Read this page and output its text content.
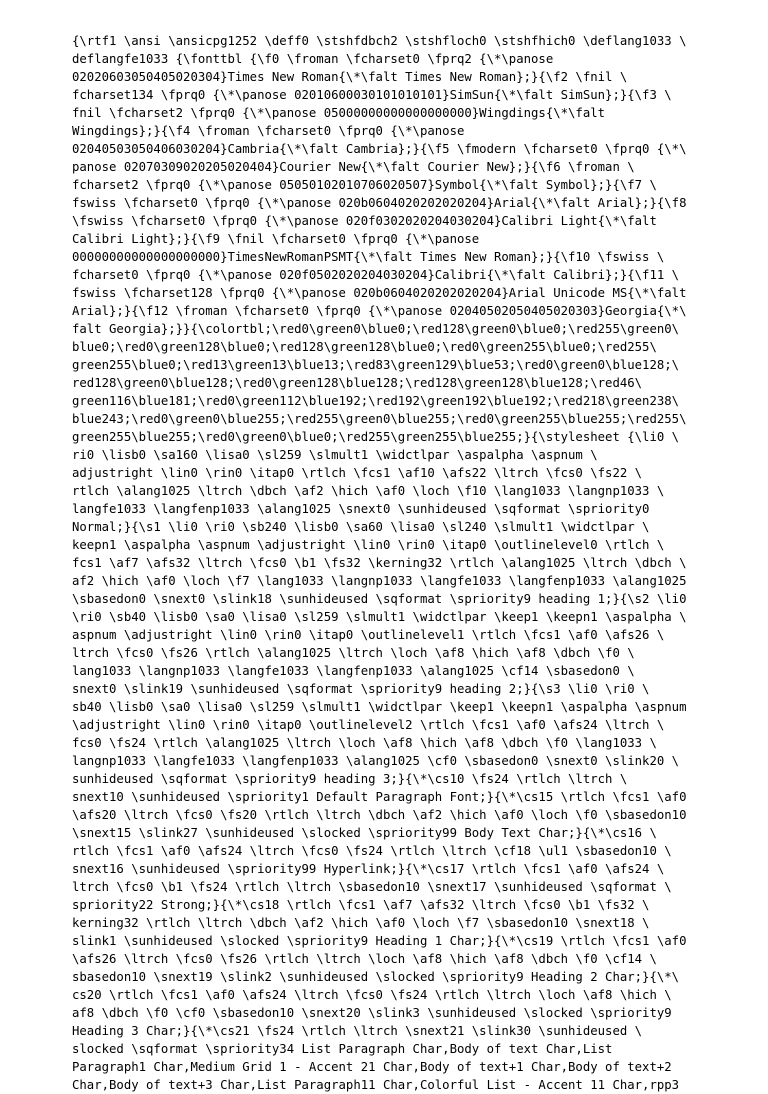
{\rtf1 \ansi \ansicpg1252 \deff0 \stshfdbch2 \stshfloch0 \stshfhich0 \deflang1033 \
deflangfe1033 {\fonttbl {\f0 \froman \fcharset0 \fprq2 {\*\panose
02020603050405020304}Times New Roman{\*\falt Times New Roman};}{\f2 \fnil \
fcharset134 \fprq0 {\*\panose 02010600030101010101}SimSun{\*\falt SimSun};}{\f3 \
fnil \fcharset2 \fprq0 {\*\panose 05000000000000000000}Wingdings{\*\falt
Wingdings};}{\f4 \froman \fcharset0 \fprq0 {\*\panose
02040503050406030204}Cambria{\*\falt Cambria};}{\f5 \fmodern \fcharset0 \fprq0 {\*\
panose 02070309020205020404}Courier New{\*\falt Courier New};}{\f6 \froman \
fcharset2 \fprq0 {\*\panose 05050102010706020507}Symbol{\*\falt Symbol};}{\f7 \
fswiss \fcharset0 \fprq0 {\*\panose 020b0604020202020204}Arial{\*\falt Arial};}{\f8
\fswiss \fcharset0 \fprq0 {\*\panose 020f0302020204030204}Calibri Light{\*\falt
Calibri Light};}{\f9 \fnil \fcharset0 \fprq0 {\*\panose
00000000000000000000}TimesNewRomanPSMT{\*\falt Times New Roman};}{\f10 \fswiss \
fcharset0 \fprq0 {\*\panose 020f0502020204030204}Calibri{\*\falt Calibri};}{\f11 \
fswiss \fcharset128 \fprq0 {\*\panose 020b0604020202020204}Arial Unicode MS{\*\falt
Arial};}{\f12 \froman \fcharset0 \fprq0 {\*\panose 02040502050405020303}Georgia{\*\
falt Georgia};}}{\colortbl;\red0\green0\blue0;\red128\green0\blue0;\red255\green0\
blue0;\red0\green128\blue0;\red128\green128\blue0;\red0\green255\blue0;\red255\
green255\blue0;\red13\green13\blue13;\red83\green129\blue53;\red0\green0\blue128;\
red128\green0\blue128;\red0\green128\blue128;\red128\green128\blue128;\red46\
green116\blue181;\red0\green112\blue192;\red192\green192\blue192;\red218\green238\
blue243;\red0\green0\blue255;\red255\green0\blue255;\red0\green255\blue255;\red255\
green255\blue255;\red0\green0\blue0;\red255\green255\blue255;}{\stylesheet {\li0 \
ri0 \lisb0 \sa160 \lisa0 \sl259 \slmult1 \widctlpar \aspalpha \aspnum \
adjustright \lin0 \rin0 \itap0 \rtlch \fcs1 \af10 \afs22 \ltrch \fcs0 \fs22 \
rtlch \alang1025 \ltrch \dbch \af2 \hich \af0 \loch \f10 \lang1033 \langnp1033 \
langfe1033 \langfenp1033 \alang1025 \snext0 \sunhideused \sqformat \spriority0
Normal;}{\s1 \li0 \ri0 \sb240 \lisb0 \sa60 \lisa0 \sl240 \slmult1 \widctlpar \
keepn1 \aspalpha \aspnum \adjustright \lin0 \rin0 \itap0 \outlinelevel0 \rtlch \
fcs1 \af7 \afs32 \ltrch \fcs0 \b1 \fs32 \kerning32 \rtlch \alang1025 \ltrch \dbch \
af2 \hich \af0 \loch \f7 \lang1033 \langnp1033 \langfe1033 \langfenp1033 \alang1025
\sbasedon0 \snext0 \slink18 \sunhideused \sqformat \spriority9 heading 1;}{\s2 \li0
\ri0 \sb40 \lisb0 \sa0 \lisa0 \sl259 \slmult1 \widctlpar \keep1 \keepn1 \aspalpha \
aspnum \adjustright \lin0 \rin0 \itap0 \outlinelevel1 \rtlch \fcs1 \af0 \afs26 \
ltrch \fcs0 \fs26 \rtlch \alang1025 \ltrch \loch \af8 \hich \af8 \dbch \f0 \
lang1033 \langnp1033 \langfe1033 \langfenp1033 \alang1025 \cf14 \sbasedon0 \
snext0 \slink19 \sunhideused \sqformat \spriority9 heading 2;}{\s3 \li0 \ri0 \
sb40 \lisb0 \sa0 \lisa0 \sl259 \slmult1 \widctlpar \keep1 \keepn1 \aspalpha \aspnum
\adjustright \lin0 \rin0 \itap0 \outlinelevel2 \rtlch \fcs1 \af0 \afs24 \ltrch \
fcs0 \fs24 \rtlch \alang1025 \ltrch \loch \af8 \hich \af8 \dbch \f0 \lang1033 \
langnp1033 \langfe1033 \langfenp1033 \alang1025 \cf0 \sbasedon0 \snext0 \slink20 \
sunhideused \sqformat \spriority9 heading 3;}{\*\cs10 \fs24 \rtlch \ltrch \
snext10 \sunhideused \spriority1 Default Paragraph Font;}{\*\cs15 \rtlch \fcs1 \af0
\afs20 \ltrch \fcs0 \fs20 \rtlch \ltrch \dbch \af2 \hich \af0 \loch \f0 \sbasedon10
\snext15 \slink27 \sunhideused \slocked \spriority99 Body Text Char;}{\*\cs16 \
rtlch \fcs1 \af0 \afs24 \ltrch \fcs0 \fs24 \rtlch \ltrch \cf18 \ul1 \sbasedon10 \
snext16 \sunhideused \spriority99 Hyperlink;}{\*\cs17 \rtlch \fcs1 \af0 \afs24 \
ltrch \fcs0 \b1 \fs24 \rtlch \ltrch \sbasedon10 \snext17 \sunhideused \sqformat \
spriority22 Strong;}{\*\cs18 \rtlch \fcs1 \af7 \afs32 \ltrch \fcs0 \b1 \fs32 \
kerning32 \rtlch \ltrch \dbch \af2 \hich \af0 \loch \f7 \sbasedon10 \snext18 \
slink1 \sunhideused \slocked \spriority9 Heading 1 Char;}{\*\cs19 \rtlch \fcs1 \af0
\afs26 \ltrch \fcs0 \fs26 \rtlch \ltrch \loch \af8 \hich \af8 \dbch \f0 \cf14 \
sbasedon10 \snext19 \slink2 \sunhideused \slocked \spriority9 Heading 2 Char;}{\*\
cs20 \rtlch \fcs1 \af0 \afs24 \ltrch \fcs0 \fs24 \rtlch \ltrch \loch \af8 \hich \
af8 \dbch \f0 \cf0 \sbasedon10 \snext20 \slink3 \sunhideused \slocked \spriority9
Heading 3 Char;}{\*\cs21 \fs24 \rtlch \ltrch \snext21 \slink30 \sunhideused \
slocked \sqformat \spriority34 List Paragraph Char,Body of text Char,List
Paragraph1 Char,Medium Grid 1 - Accent 21 Char,Body of text+1 Char,Body of text+2
Char,Body of text+3 Char,List Paragraph11 Char,Colorful List - Accent 11 Char,rpp3
